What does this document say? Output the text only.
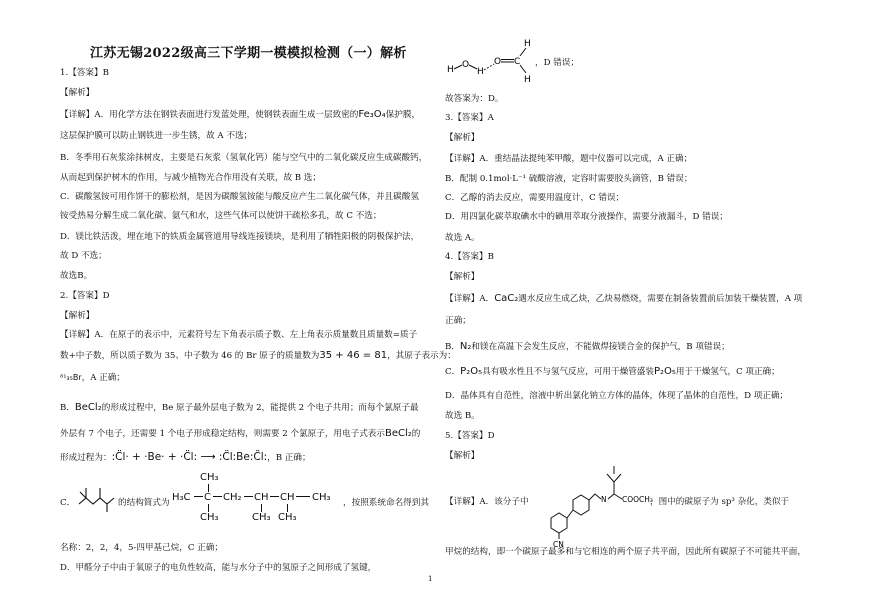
江苏无锡2022级高三下学期一模模拟检测（一）解析
1.【答案】B
【解析】
【详解】A．用化学方法在钢铁表面进行发蓝处理，使钢铁表面生成一层致密的Fe₃O₄保护膜，
这层保护膜可以防止钢铁进一步生锈，故 A 不选；
B．冬季用石灰浆涂抹树皮，主要是石灰浆（氢氧化钙）能与空气中的二氧化碳反应生成碳酸钙，
从而起到保护树木的作用，与减少植物光合作用没有关联，故 B 选；
C．碳酸氢铵可用作饼干的膨松剂，是因为碳酸氢铵能与酸反应产生二氧化碳气体，并且碳酸氢
铵受热易分解生成二氧化碳、氨气和水，这些气体可以使饼干疏松多孔，故 C 不选；
D．镁比铁活泼，埋在地下的铁质金属管道用导线连接镁块，是利用了牺牲阳极的阴极保护法，
故 D 不选；
故选B。
2.【答案】D
【解析】
【详解】A．在原子的表示中，元素符号左下角表示质子数、左上角表示质量数且质量数=质子
数+中子数，所以质子数为 35、中子数为 46 的 Br 原子的质量数为35 + 46 = 81，其原子表示为：
⁸¹₃₅Br，A 正确；
B．BeCl₂的形成过程中，Be 原子最外层电子数为 2，能提供 2 个电子共用；而每个氯原子最
外层有 7 个电子，还需要 1 个电子形成稳定结构，则需要 2 个氯原子，用电子式表示BeCl₂的
形成过程为：:C̈l· + ·Be· + ·C̈l: ⟶ :C̈l:Be:C̈l:，B 正确；
C．	的结构简式为 H₃C C
CH₃
CH₃
CH₂ CH
CH₃
CH
CH₃
CH₃ ，按照系统命名得到其
名称：2，2，4，5-四甲基己烷，C 正确；
D．甲醛分子中由于氧原子的电负性较高，能与水分子中的氢原子之间形成了氢键，
H O
H
O C
H
H
，D 错误；
故答案为：D。
3.【答案】A
【解析】
【详解】A．重结晶法提纯苯甲酸，题中仪器可以完成，A 正确；
B．配制 0.1mol·L⁻¹ 硫酸溶液，定容时需要胶头滴管，B 错误；
C．乙醇的消去反应，需要用温度计，C 错误；
D．用四氯化碳萃取碘水中的碘用萃取分液操作，需要分液漏斗，D 错误；
故选 A。
4.【答案】B
【解析】
【详解】A．CaC₂遇水反应生成乙炔，乙炔易燃烧，需要在制备装置前后加装干燥装置，A 项
正确；
B．N₂和镁在高温下会发生反应，不能做焊接镁合金的保护气，B 项错误；
C．P₂O₅具有吸水性且不与氢气反应，可用干燥管盛装P₂O₅用于干燥氢气，C 项正确；
D．晶体具有自范性，溶液中析出氯化钠立方体的晶体，体现了晶体的自范性，D 项正确；
故选 B。
5.【答案】D
【解析】
【详解】A．该分子中
CN
N COOCH₃
，图中的碳原子为 sp³ 杂化，类似于
甲烷的结构，即一个碳原子最多和与它相连的两个原子共平面，因此所有碳原子不可能共平面，
1
